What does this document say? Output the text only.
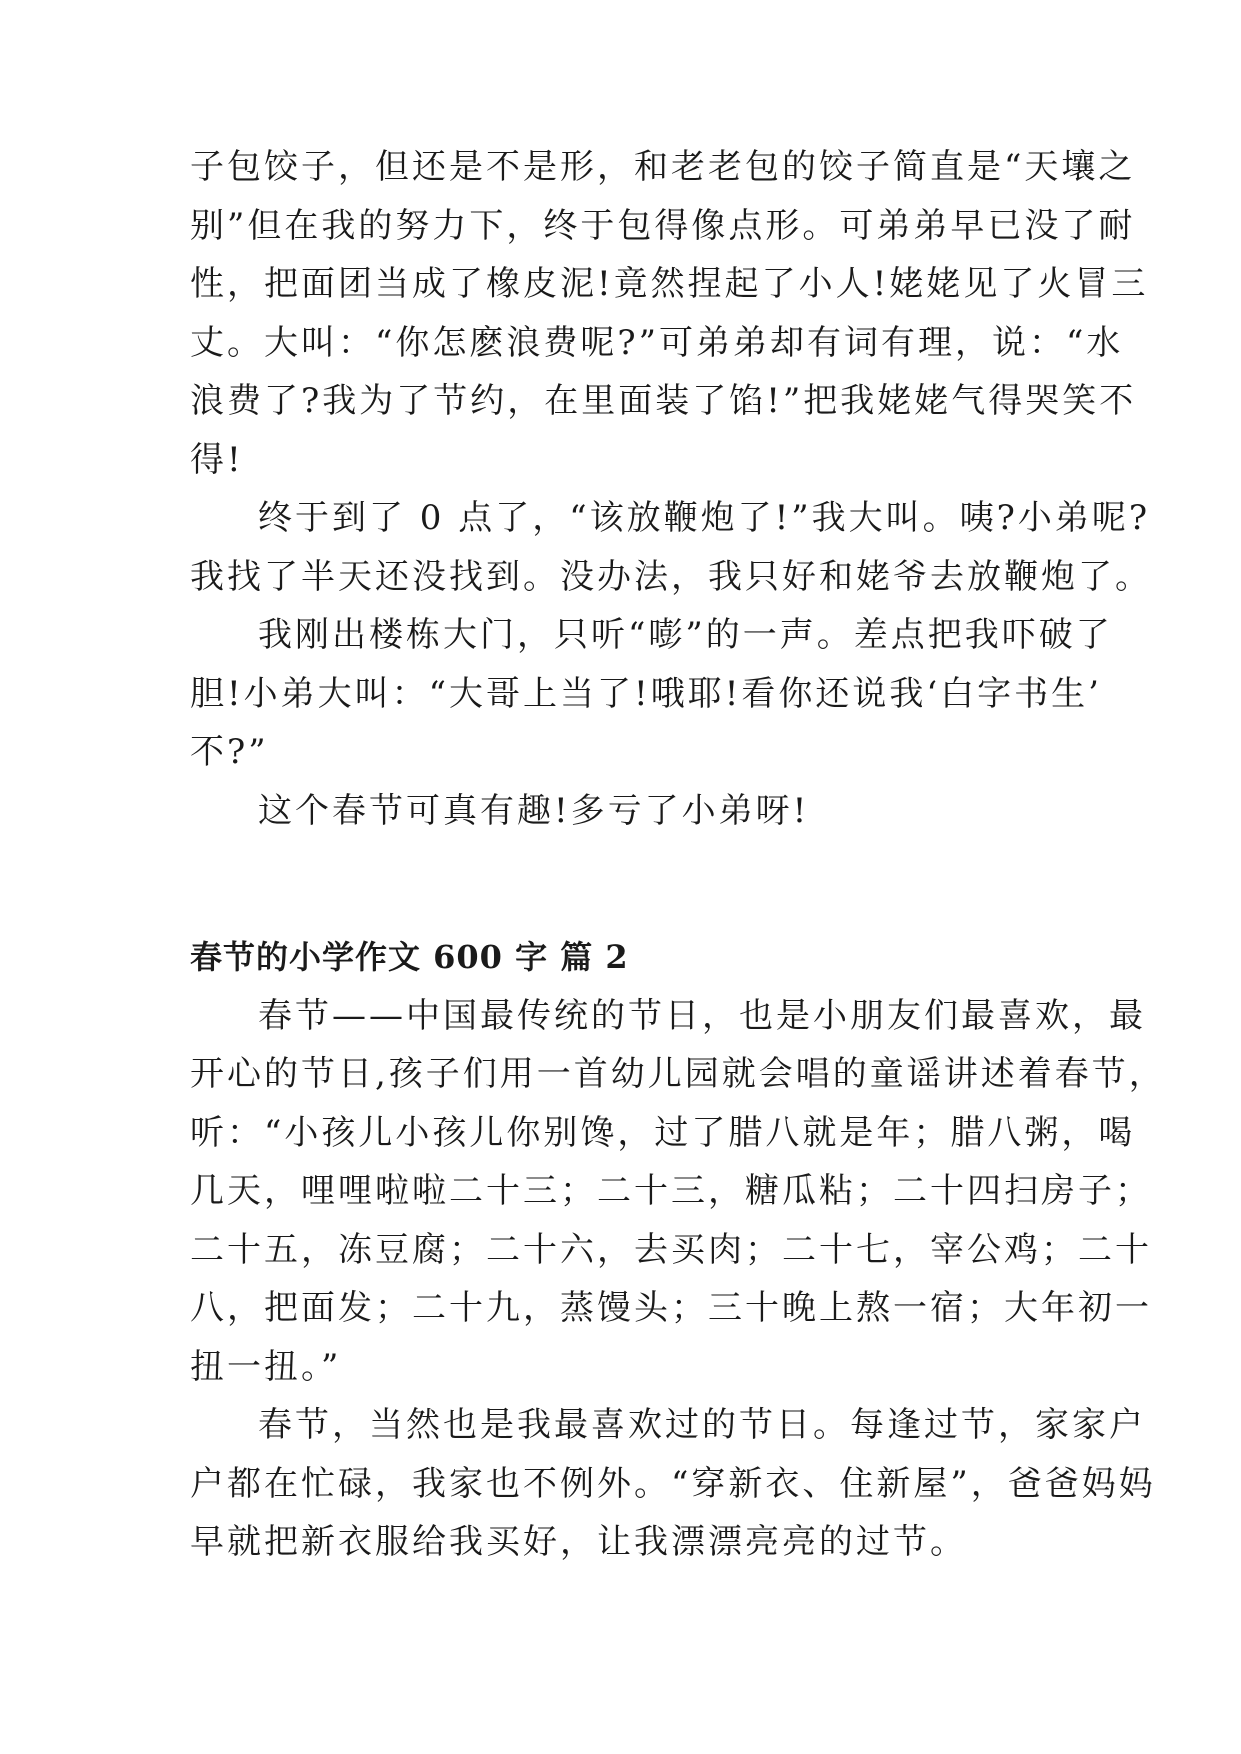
子包饺子，但还是不是形，和老老包的饺子简直是“天壤之
别”但在我的努力下，终于包得像点形。可弟弟早已没了耐
性，把面团当成了橡皮泥!竟然捏起了小人!姥姥见了火冒三
丈。大叫：“你怎麽浪费呢?”可弟弟却有词有理，说：“水
浪费了?我为了节约，在里面装了馅!”把我姥姥气得哭笑不
得!
终于到了 0 点了，“该放鞭炮了!”我大叫。咦?小弟呢?
我找了半天还没找到。没办法，我只好和姥爷去放鞭炮了。
我刚出楼栋大门，只听“嘭”的一声。差点把我吓破了
胆!小弟大叫：“大哥上当了!哦耶!看你还说我‘白字书生’
不?”
这个春节可真有趣!多亏了小弟呀!
春节的小学作文 600 字 篇 2
春节——中国最传统的节日，也是小朋友们最喜欢，最
开心的节日,孩子们用一首幼儿园就会唱的童谣讲述着春节，
听：“小孩儿小孩儿你别馋，过了腊八就是年；腊八粥，喝
几天，哩哩啦啦二十三；二十三，糖瓜粘；二十四扫房子；
二十五，冻豆腐；二十六，去买肉；二十七，宰公鸡；二十
八，把面发；二十九，蒸馒头；三十晚上熬一宿；大年初一
扭一扭。”
春节，当然也是我最喜欢过的节日。每逢过节，家家户
户都在忙碌，我家也不例外。“穿新衣、住新屋”，爸爸妈妈
早就把新衣服给我买好，让我漂漂亮亮的过节。
